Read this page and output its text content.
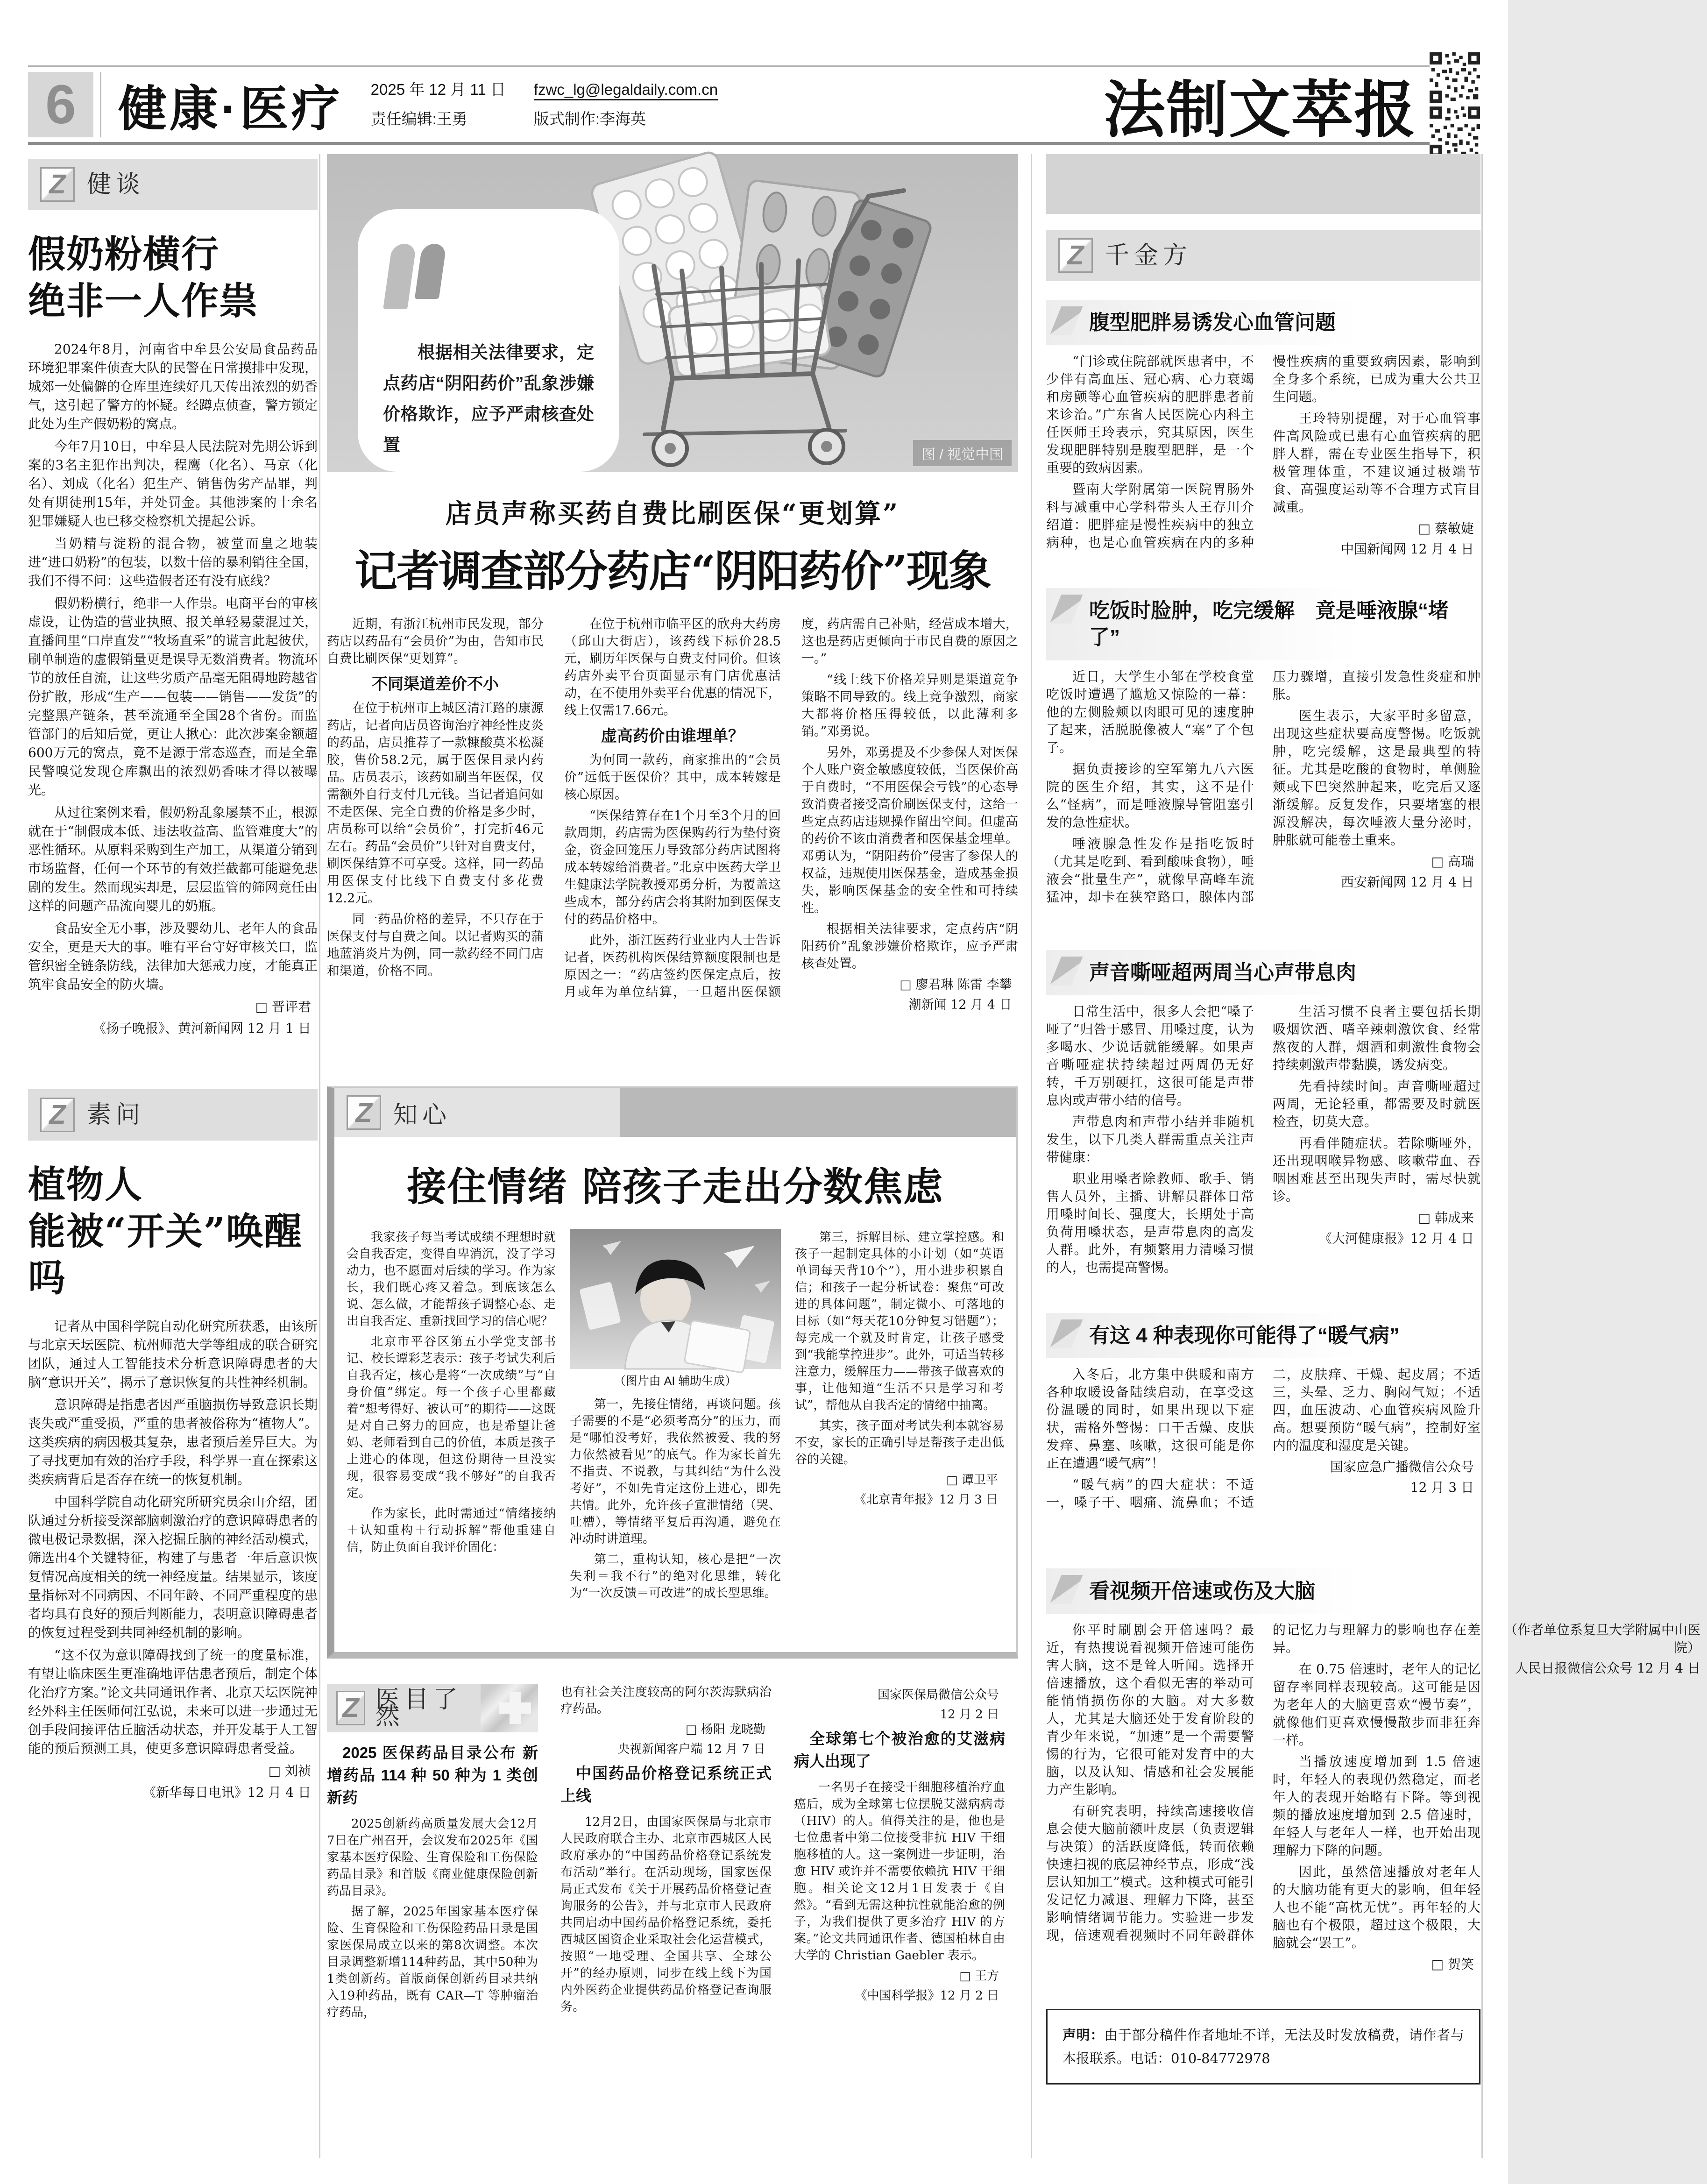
6 健康·医疗 2025 年 12 月 11 日
责任编辑:王勇
fzwc_lg@legaldaily.com.cn
版式制作:李海英	法制文萃报
Z 健谈
假奶粉横行
绝非一人作祟

2024年8月，河南省中牟县公安局食品药品环境犯罪案件侦查大队的民警在日常摸排中发现，城郊一处偏僻的仓库里连续好几天传出浓烈的奶香气，这引起了警方的怀疑。经蹲点侦查，警方锁定此处为生产假奶粉的窝点。

今年7月10日，中牟县人民法院对先期公诉到案的3名主犯作出判决，程鹰（化名）、马京（化名）、刘成（化名）犯生产、销售伪劣产品罪，判处有期徒刑15年，并处罚金。其他涉案的十余名犯罪嫌疑人也已移交检察机关提起公诉。

当奶精与淀粉的混合物，被堂而皇之地装进“进口奶粉”的包装，以数十倍的暴利销往全国，我们不得不问：这些造假者还有没有底线？

假奶粉横行，绝非一人作祟。电商平台的审核虚设，让伪造的营业执照、报关单轻易蒙混过关，直播间里“口岸直发”“牧场直采”的谎言此起彼伏，刷单制造的虚假销量更是误导无数消费者。物流环节的放任自流，让这些劣质产品毫无阻碍地跨越省份扩散，形成“生产——包装——销售——发货”的完整黑产链条，甚至流通至全国28个省份。而监管部门的后知后觉，更让人揪心：此次涉案金额超600万元的窝点，竟不是源于常态巡查，而是全靠民警嗅觉发现仓库飘出的浓烈奶香味才得以被曝光。

从过往案例来看，假奶粉乱象屡禁不止，根源就在于“制假成本低、违法收益高、监管难度大”的恶性循环。从原料采购到生产加工，从渠道分销到市场监督，任何一个环节的有效拦截都可能避免悲剧的发生。然而现实却是，层层监管的筛网竟任由这样的问题产品流向婴儿的奶瓶。

食品安全无小事，涉及婴幼儿、老年人的食品安全，更是天大的事。唯有平台守好审核关口，监管织密全链条防线，法律加大惩戒力度，才能真正筑牢食品安全的防火墙。

□ 晋评君
《扬子晚报》、黄河新闻网 12 月 1 日
Z 素问
植物人
能被“开关”唤醒吗

记者从中国科学院自动化研究所获悉，由该所与北京天坛医院、杭州师范大学等组成的联合研究团队，通过人工智能技术分析意识障碍患者的大脑“意识开关”，揭示了意识恢复的共性神经机制。

意识障碍是指患者因严重脑损伤导致意识长期丧失或严重受损，严重的患者被俗称为“植物人”。这类疾病的病因极其复杂，患者预后差异巨大。为了寻找更加有效的治疗手段，科学界一直在探索这类疾病背后是否存在统一的恢复机制。

中国科学院自动化研究所研究员余山介绍，团队通过分析接受深部脑刺激治疗的意识障碍患者的微电极记录数据，深入挖掘丘脑的神经活动模式，筛选出4个关键特征，构建了与患者一年后意识恢复情况高度相关的统一神经度量。结果显示，该度量指标对不同病因、不同年龄、不同严重程度的患者均具有良好的预后判断能力，表明意识障碍患者的恢复过程受到共同神经机制的影响。

“这不仅为意识障碍找到了统一的度量标准，有望让临床医生更准确地评估患者预后，制定个体化治疗方案。”论文共同通讯作者、北京天坛医院神经外科主任医师何江弘说，未来可以进一步通过无创手段间接评估丘脑活动状态，并开发基于人工智能的预后预测工具，使更多意识障碍患者受益。

□ 刘祯
《新华每日电讯》12 月 4 日
根据相关法律要求，定点药店“阴阳药价”乱象涉嫌价格欺诈，应予严肃核查处置
图 / 视觉中国
店员声称买药自费比刷医保“更划算”
记者调查部分药店“阴阳药价”现象

近期，有浙江杭州市民发现，部分药店以药品有“会员价”为由，告知市民自费比刷医保“更划算”。

不同渠道差价不小

在位于杭州市上城区清江路的康源药店，记者向店员咨询治疗神经性皮炎的药品，店员推荐了一款糠酸莫米松凝胶，售价58.2元，属于医保目录内药品。店员表示，该药如刷当年医保，仅需额外自行支付几元钱。当记者追问如不走医保、完全自费的价格是多少时，店员称可以给“会员价”，打完折46元左右。药品“会员价”只针对自费支付，刷医保结算不可享受。这样，同一药品用医保支付比线下自费支付多花费12.2元。

同一药品价格的差异，不只存在于医保支付与自费之间。以记者购买的蒲地蓝消炎片为例，同一款药经不同门店和渠道，价格不同。

在位于杭州市临平区的欣舟大药房（邱山大街店），该药线下标价28.5元，刷历年医保与自费支付同价。但该药店外卖平台页面显示有门店优惠活动，在不使用外卖平台优惠的情况下，线上仅需17.66元。

虚高药价由谁埋单？

为何同一款药，商家推出的“会员价”远低于医保价？其中，成本转嫁是核心原因。

“医保结算存在1个月至3个月的回款周期，药店需为医保购药行为垫付资金，资金回笼压力导致部分药店试图将成本转嫁给消费者。”北京中医药大学卫生健康法学院教授邓勇分析，为覆盖这些成本，部分药店会将其附加到医保支付的药品价格中。

此外，浙江医药行业业内人士告诉记者，医药机构医保结算额度限制也是原因之一：“药店签约医保定点后，按月或年为单位结算，一旦超出医保额度，药店需自己补贴，经营成本增大，这也是药店更倾向于市民自费的原因之一。”

“线上线下价格差异则是渠道竞争策略不同导致的。线上竞争激烈，商家大都将价格压得较低，以此薄利多销。”邓勇说。

另外，邓勇提及不少参保人对医保个人账户资金敏感度较低，当医保价高于自费时，“不用医保会亏钱”的心态导致消费者接受高价刷医保支付，这给一些定点药店违规操作留出空间。但虚高的药价不该由消费者和医保基金埋单。邓勇认为，“阴阳药价”侵害了参保人的权益，违规使用医保基金，造成基金损失，影响医保基金的安全性和可持续性。

根据相关法律要求，定点药店“阴阳药价”乱象涉嫌价格欺诈，应予严肃核查处置。

□ 廖君琳 陈雷 李攀
潮新闻 12 月 4 日
Z 知心
接住情绪 陪孩子走出分数焦虑

我家孩子每当考试成绩不理想时就会自我否定，变得自卑消沉，没了学习动力，也不愿面对后续的学习。作为家长，我们既心疼又着急。到底该怎么说、怎么做，才能帮孩子调整心态、走出自我否定、重新找回学习的信心呢？

北京市平谷区第五小学党支部书记、校长谭彩芝表示：孩子考试失利后自我否定，核心是将“一次成绩”与“自身价值”绑定。每一个孩子心里都藏着“想考得好、被认可”的期待——这既是对自己努力的回应，也是希望让爸妈、老师看到自己的价值，本质是孩子上进心的体现，但这份期待一旦没实现，很容易变成“我不够好”的自我否定。

作为家长，此时需通过“情绪接纳＋认知重构＋行动拆解”帮他重建自信，防止负面自我评价固化：

（图片由 AI 辅助生成）

第一，先接住情绪，再谈问题。孩子需要的不是“必须考高分”的压力，而是“哪怕没考好，我依然被爱、我的努力依然被看见”的底气。作为家长首先不指责、不说教，与其纠结“为什么没考好”，不如先肯定这份上进心，即先共情。此外，允许孩子宣泄情绪（哭、吐槽），等情绪平复后再沟通，避免在冲动时讲道理。

第二，重构认知，核心是把“一次失利＝我不行”的绝对化思维，转化为“一次反馈＝可改进”的成长型思维。

第三，拆解目标、建立掌控感。和孩子一起制定具体的小计划（如“英语单词每天背10个”），用小进步积累自信；和孩子一起分析试卷：聚焦“可改进的具体问题”，制定微小、可落地的目标（如“每天花10分钟复习错题”）；每完成一个就及时肯定，让孩子感受到“我能掌控进步”。此外，可适当转移注意力，缓解压力——带孩子做喜欢的事，让他知道“生活不只是学习和考试”，帮他从自我否定的情绪中抽离。

其实，孩子面对考试失利本就容易不安，家长的正确引导是帮孩子走出低谷的关键。

□ 谭卫平
《北京青年报》12 月 3 日
Z 医目了然
2025 医保药品目录公布 新增药品 114 种 50 种为 1 类创新药

2025创新药高质量发展大会12月7日在广州召开，会议发布2025年《国家基本医疗保险、生育保险和工伤保险药品目录》和首版《商业健康保险创新药品目录》。

据了解，2025年国家基本医疗保险、生育保险和工伤保险药品目录是国家医保局成立以来的第8次调整。本次目录调整新增114种药品，其中50种为1类创新药。首版商保创新药目录共纳入19种药品，既有 CAR—T 等肿瘤治疗药品，

也有社会关注度较高的阿尔茨海默病治疗药品。

□ 杨阳 龙晓勤
央视新闻客户端 12 月 7 日
中国药品价格登记系统正式上线

12月2日，由国家医保局与北京市人民政府联合主办、北京市西城区人民政府承办的“中国药品价格登记系统发布活动”举行。在活动现场，国家医保局正式发布《关于开展药品价格登记查询服务的公告》，并与北京市人民政府共同启动中国药品价格登记系统，委托西城区国资企业采取社会化运营模式，按照“一地受理、全国共享、全球公开”的经办原则，同步在线上线下为国内外医药企业提供药品价格登记查询服务。

国家医保局微信公众号
12 月 2 日
全球第七个被治愈的艾滋病病人出现了

一名男子在接受干细胞移植治疗血癌后，成为全球第七位摆脱艾滋病病毒（HIV）的人。值得关注的是，他也是七位患者中第二位接受非抗 HIV 干细胞移植的人。这一案例进一步证明，治愈 HIV 或许并不需要依赖抗 HIV 干细胞。相关论文12月1日发表于《自然》。“看到无需这种抗性就能治愈的例子，为我们提供了更多治疗 HIV 的方案。”论文共同通讯作者、德国柏林自由大学的 Christian Gaebler 表示。

□ 王方
《中国科学报》12 月 2 日
Z 千金方
腹型肥胖易诱发心血管问题

“门诊或住院部就医患者中，不少伴有高血压、冠心病、心力衰竭和房颤等心血管疾病的肥胖患者前来诊治。”广东省人民医院心内科主任医师王玲表示，究其原因，医生发现肥胖特别是腹型肥胖，是一个重要的致病因素。

暨南大学附属第一医院胃肠外科与减重中心学科带头人王存川介绍道：肥胖症是慢性疾病中的独立病种，也是心血管疾病在内的多种慢性疾病的重要致病因素，影响到全身多个系统，已成为重大公共卫生问题。

王玲特别提醒，对于心血管事件高风险或已患有心血管疾病的肥胖人群，需在专业医生指导下，积极管理体重，不建议通过极端节食、高强度运动等不合理方式盲目减重。

□ 蔡敏婕
中国新闻网 12 月 4 日
吃饭时脸肿，吃完缓解　竟是唾液腺“堵了”

近日，大学生小邹在学校食堂吃饭时遭遇了尴尬又惊险的一幕：他的左侧脸颊以肉眼可见的速度肿了起来，活脱脱像被人“塞”了个包子。

据负责接诊的空军第九八六医院的医生介绍，其实，这不是什么“怪病”，而是唾液腺导管阻塞引发的急性症状。

唾液腺急性发作是指吃饭时（尤其是吃到、看到酸味食物），唾液会“批量生产”，就像早高峰车流猛冲，却卡在狭窄路口，腺体内部压力骤增，直接引发急性炎症和肿胀。

医生表示，大家平时多留意，出现这些症状要高度警惕。吃饭就肿，吃完缓解，这是最典型的特征。尤其是吃酸的食物时，单侧脸颊或下巴突然肿起来，吃完后又逐渐缓解。反复发作，只要堵塞的根源没解决，每次唾液大量分泌时，肿胀就可能卷土重来。

□ 高瑞
西安新闻网 12 月 4 日
声音嘶哑超两周当心声带息肉

日常生活中，很多人会把“嗓子哑了”归咎于感冒、用嗓过度，认为多喝水、少说话就能缓解。如果声音嘶哑症状持续超过两周仍无好转，千万别硬扛，这很可能是声带息肉或声带小结的信号。

声带息肉和声带小结并非随机发生，以下几类人群需重点关注声带健康：

职业用嗓者除教师、歌手、销售人员外，主播、讲解员群体日常用嗓时间长、强度大，长期处于高负荷用嗓状态，是声带息肉的高发人群。此外，有频繁用力清嗓习惯的人，也需提高警惕。

生活习惯不良者主要包括长期吸烟饮酒、嗜辛辣刺激饮食、经常熬夜的人群，烟酒和刺激性食物会持续刺激声带黏膜，诱发病变。

先看持续时间。声音嘶哑超过两周，无论轻重，都需要及时就医检查，切莫大意。

再看伴随症状。若除嘶哑外，还出现咽喉异物感、咳嗽带血、吞咽困难甚至出现失声时，需尽快就诊。

□ 韩成来
《大河健康报》12 月 4 日
有这 4 种表现你可能得了“暖气病”

入冬后，北方集中供暖和南方各种取暖设备陆续启动，在享受这份温暖的同时，如果出现以下症状，需格外警惕：口干舌燥、皮肤发痒、鼻塞、咳嗽，这很可能是你正在遭遇“暖气病”！

“暖气病”的四大症状：不适一，嗓子干、咽痛、流鼻血；不适二，皮肤痒、干燥、起皮屑；不适三，头晕、乏力、胸闷气短；不适四，血压波动、心血管疾病风险升高。想要预防“暖气病”，控制好室内的温度和湿度是关键。

国家应急广播微信公众号
12 月 3 日
看视频开倍速或伤及大脑

你平时刷剧会开倍速吗？最近，有热搜说看视频开倍速可能伤害大脑，这不是耸人听闻。选择开倍速播放，这个看似无害的举动可能悄悄损伤你的大脑。对大多数人，尤其是大脑还处于发育阶段的青少年来说，“加速”是一个需要警惕的行为，它很可能对发育中的大脑，以及认知、情感和社会发展能力产生影响。

有研究表明，持续高速接收信息会使大脑前额叶皮层（负责逻辑与决策）的活跃度降低，转而依赖快速扫视的底层神经节点，形成“浅层认知加工”模式。这种模式可能引发记忆力减退、理解力下降，甚至影响情绪调节能力。实验进一步发现，倍速观看视频时不同年龄群体的记忆力与理解力的影响也存在差异。

在 0.75 倍速时，老年人的记忆留存率同样表现较高。这可能是因为老年人的大脑更喜欢“慢节奏”，就像他们更喜欢慢慢散步而非狂奔一样。

当播放速度增加到 1.5 倍速时，年轻人的表现仍然稳定，而老年人的表现开始略有下降。等到视频的播放速度增加到 2.5 倍速时，年轻人与老年人一样，也开始出现理解力下降的问题。

因此，虽然倍速播放对老年人的大脑功能有更大的影响，但年轻人也不能“高枕无忧”。再年轻的大脑也有个极限，超过这个极限，大脑就会“罢工”。

□ 贺笑
（作者单位系复旦大学附属中山医院）
人民日报微信公众号 12 月 4 日
声明：由于部分稿件作者地址不详，无法及时发放稿费，请作者与本报联系。电话：010-84772978
